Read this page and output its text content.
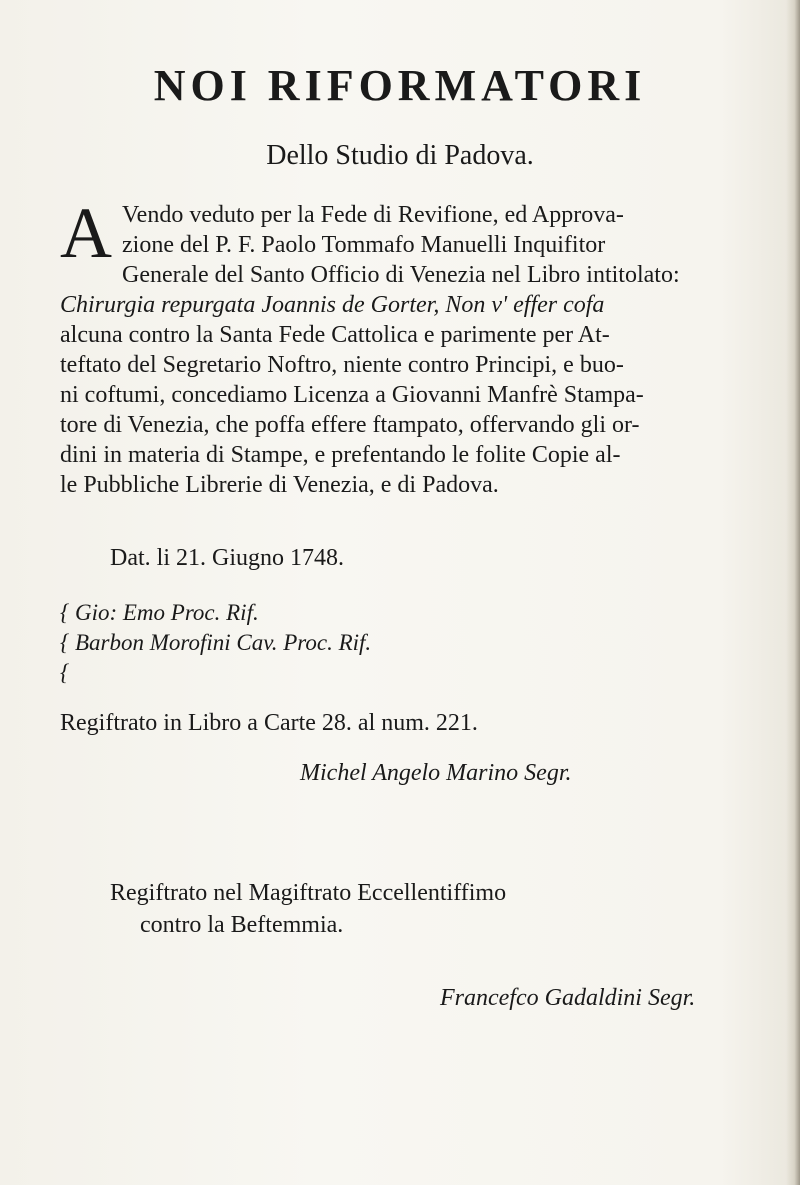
NOI RIFORMATORI
Dello Studio di Padova.
A Vendo veduto per la Fede di Revifione, ed Approva-
zione del P. F. Paolo Tommafo Manuelli Inquifitor
Generale del Santo Officio di Venezia nel Libro intitolato:
Chirurgia repurgata Joannis de Gorter, Non v' effer cofa
alcuna contro la Santa Fede Cattolica e parimente per At-
teftato del Segretario Noftro, niente contro Principi, e buo-
ni coftumi, concediamo Licenza a Giovanni Manfrè Stampa-
tore di Venezia, che poffa effere ftampato, offervando gli or-
dini in materia di Stampe, e prefentando le folite Copie al-
le Pubbliche Librerie di Venezia, e di Padova.
Dat. li 21. Giugno 1748.
{ Gio: Emo Proc. Rif.
{ Barbon Morofini Cav. Proc. Rif.
{
Regiftrato in Libro a Carte 28. al num. 221.
Michel Angelo Marino Segr.
Regiftrato nel Magiftrato Eccellentiffimo
contro la Beftemmia.
Francefco Gadaldini Segr.
